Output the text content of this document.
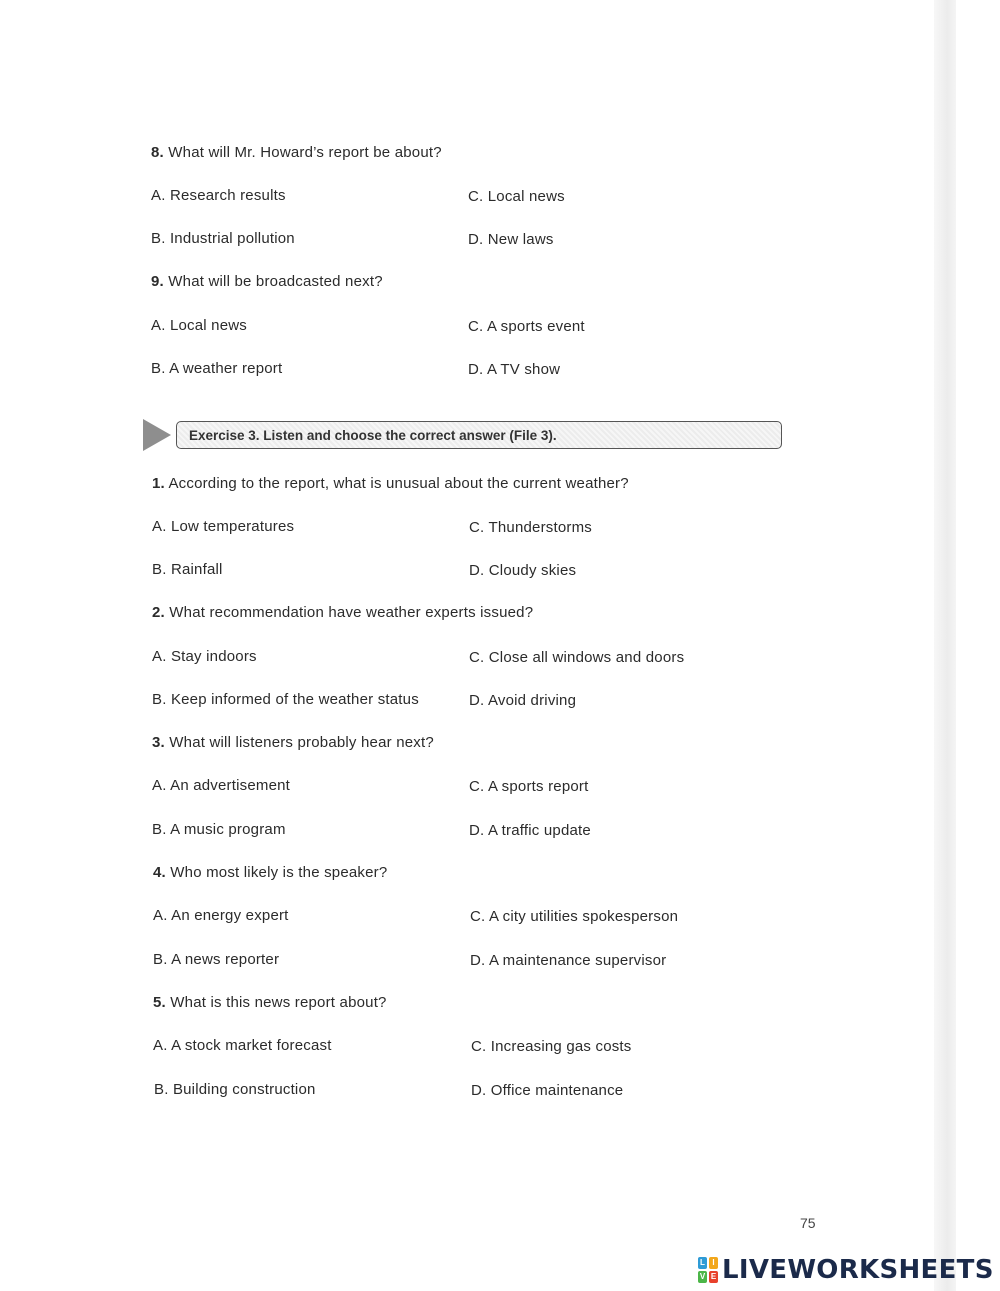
8. What will Mr. Howard’s report be about?
A. Research results	C. Local news
B. Industrial pollution	D. New laws
9. What will be broadcasted next?
A. Local news	C. A sports event
B. A weather report	D. A TV show
Exercise 3. Listen and choose the correct answer (File 3).
1. According to the report, what is unusual about the current weather?
A. Low temperatures	C. Thunderstorms
B. Rainfall	D. Cloudy skies
2. What recommendation have weather experts issued?
A. Stay indoors	C. Close all windows and doors
B. Keep informed of the weather status	D. Avoid driving
3. What will listeners probably hear next?
A. An advertisement	C. A sports report
B. A music program	D. A traffic update
4. Who most likely is the speaker?
A. An energy expert	C. A city utilities spokesperson
B. A news reporter	D. A maintenance supervisor
5. What is this news report about?
A. A stock market forecast	C. Increasing gas costs
B. Building construction	D. Office maintenance
75
L I
V E LIVEWORKSHEETS
